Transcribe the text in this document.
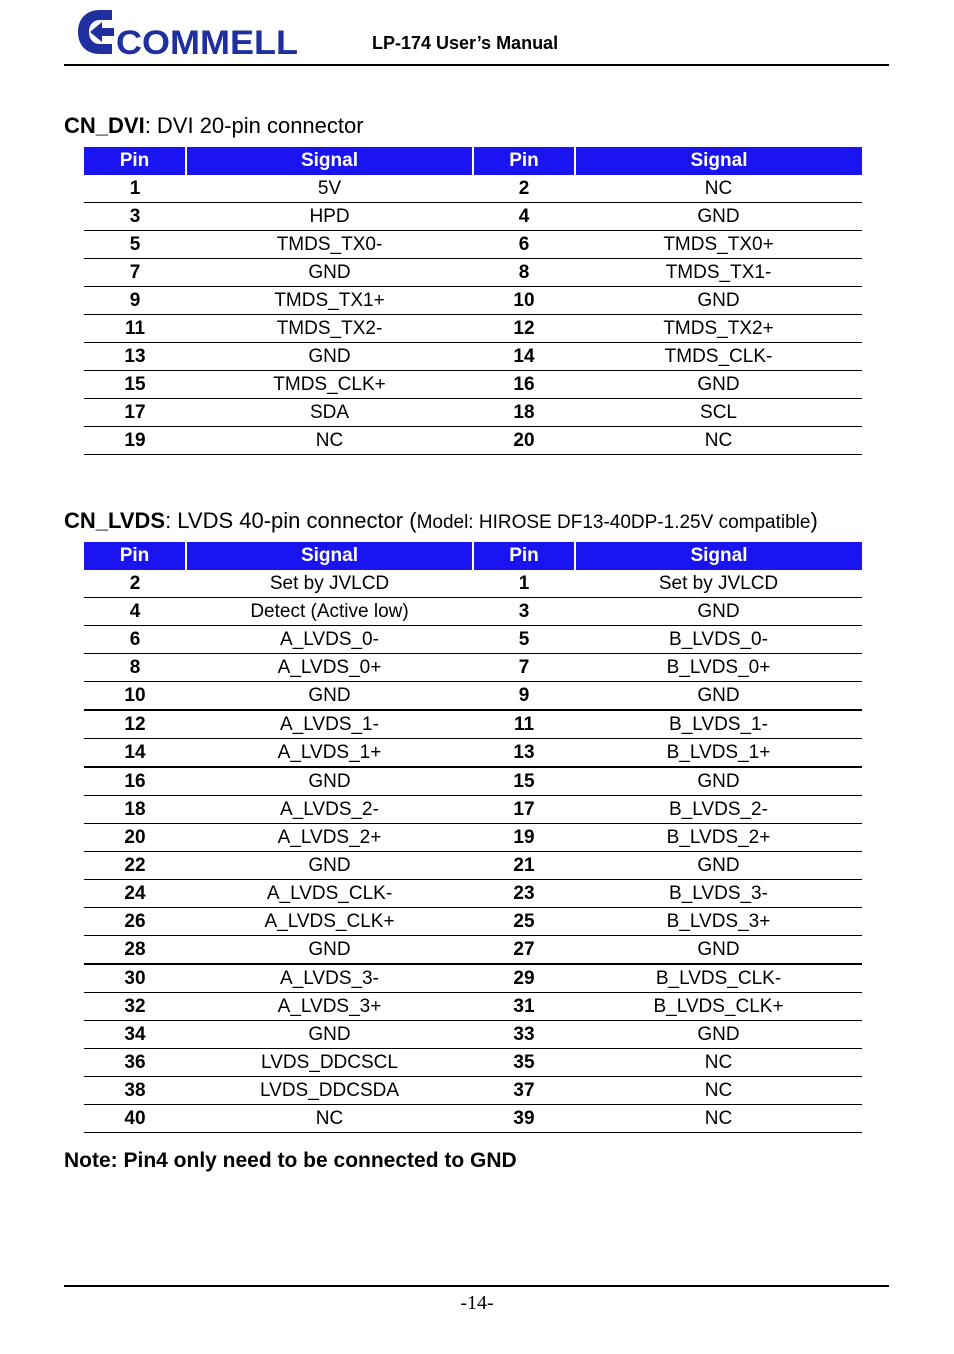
COMMELL	LP-174 User’s Manual
CN_DVI: DVI 20-pin connector
Pin	Signal	Pin	Signal
1	5V	2	NC
3	HPD	4	GND
5	TMDS_TX0-	6	TMDS_TX0+
7	GND	8	TMDS_TX1-
9	TMDS_TX1+	10	GND
11	TMDS_TX2-	12	TMDS_TX2+
13	GND	14	TMDS_CLK-
15	TMDS_CLK+	16	GND
17	SDA	18	SCL
19	NC	20	NC
CN_LVDS: LVDS 40-pin connector (Model: HIROSE DF13-40DP-1.25V compatible)
Pin	Signal	Pin	Signal
2	Set by JVLCD	1	Set by JVLCD
4	Detect (Active low)	3	GND
6	A_LVDS_0-	5	B_LVDS_0-
8	A_LVDS_0+	7	B_LVDS_0+
10	GND	9	GND
12	A_LVDS_1-	11	B_LVDS_1-
14	A_LVDS_1+	13	B_LVDS_1+
16	GND	15	GND
18	A_LVDS_2-	17	B_LVDS_2-
20	A_LVDS_2+	19	B_LVDS_2+
22	GND	21	GND
24	A_LVDS_CLK-	23	B_LVDS_3-
26	A_LVDS_CLK+	25	B_LVDS_3+
28	GND	27	GND
30	A_LVDS_3-	29	B_LVDS_CLK-
32	A_LVDS_3+	31	B_LVDS_CLK+
34	GND	33	GND
36	LVDS_DDCSCL	35	NC
38	LVDS_DDCSDA	37	NC
40	NC	39	NC
Note: Pin4 only need to be connected to GND
-14-
